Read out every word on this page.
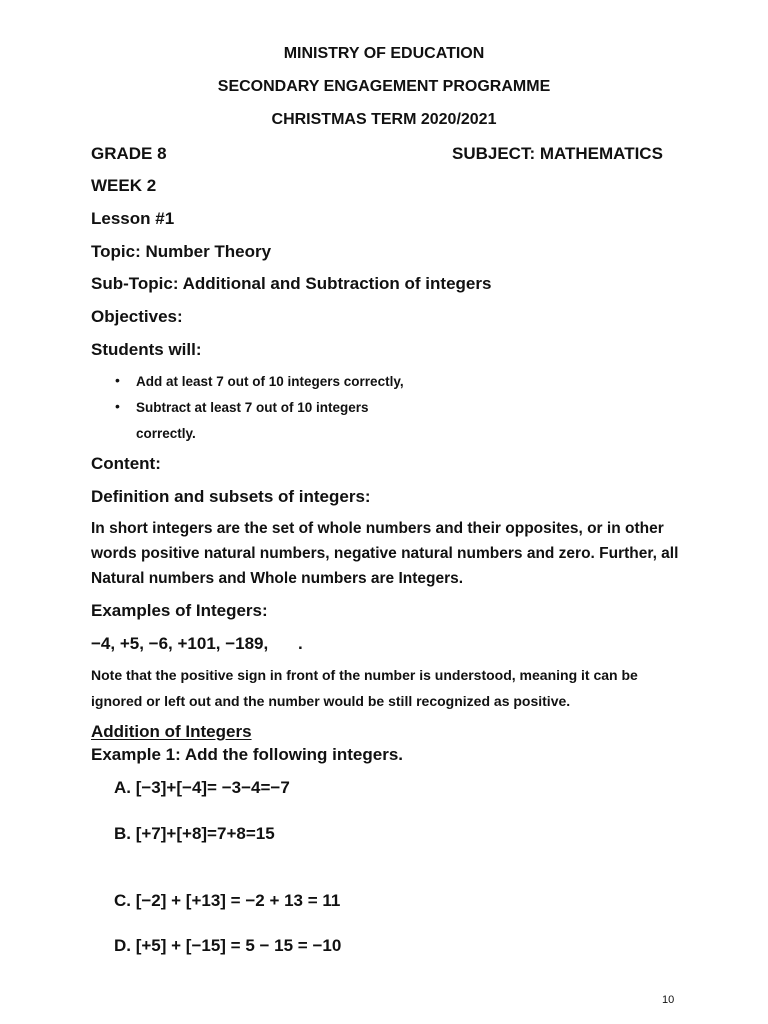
MINISTRY OF EDUCATION
SECONDARY ENGAGEMENT PROGRAMME
CHRISTMAS TERM 2020/2021
GRADE 8	SUBJECT: MATHEMATICS
WEEK 2
Lesson #1
Topic: Number Theory
Sub-Topic: Additional and Subtraction of integers
Objectives:
Students will:
• Add at least 7 out of 10 integers correctly,
• Subtract at least 7 out of 10 integers
correctly.
Content:
Definition and subsets of integers:
In short integers are the set of whole numbers and their opposites, or in other words positive natural numbers, negative natural numbers and zero. Further, all Natural numbers and Whole numbers are Integers.
Examples of Integers:
−4, +5, −6, +101, −189, .
Note that the positive sign in front of the number is understood, meaning it can be ignored or left out and the number would be still recognized as positive.
Addition of Integers
Example 1: Add the following integers.
A. [−3]+[−4]= −3−4=−7
B. [+7]+[+8]=7+8=15
C. [−2] + [+13] = −2 + 13 = 11
D. [+5] + [−15] = 5 − 15 = −10
10
